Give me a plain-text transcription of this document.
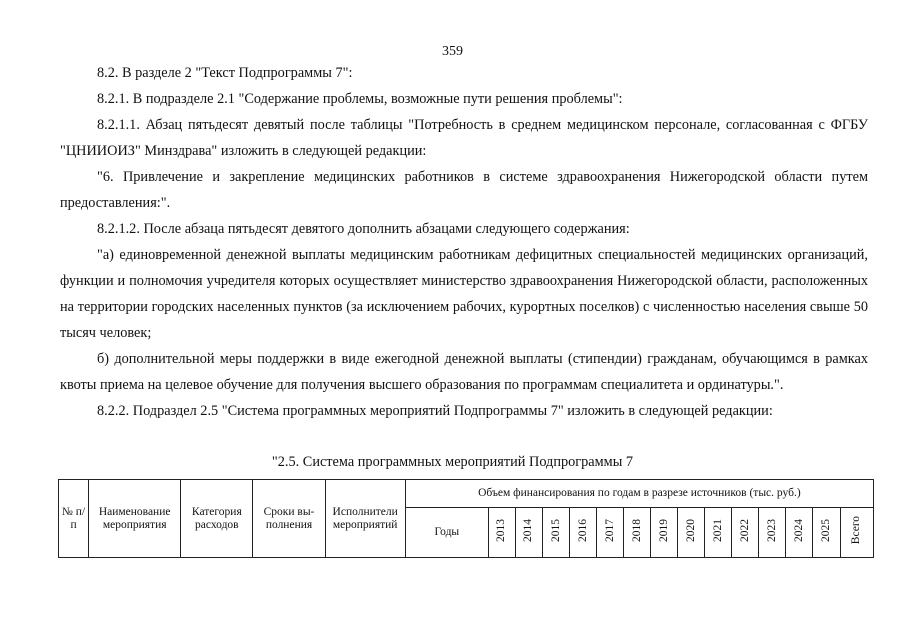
359

8.2. В разделе 2 "Текст Подпрограммы 7":

8.2.1. В подразделе 2.1 "Содержание проблемы, возможные пути решения проблемы":

8.2.1.1. Абзац пятьдесят девятый после таблицы "Потребность в среднем медицинском персонале, согласованная с ФГБУ "ЦНИИОИЗ" Минздрава" изложить в следующей редакции:

"6. Привлечение и закрепление медицинских работников в системе здравоохранения Нижегородской области путем предоставления:".

8.2.1.2. После абзаца пятьдесят девятого дополнить абзацами следующего содержания:

"а) единовременной денежной выплаты медицинским работникам дефицитных специальностей медицинских организаций, функции и полномочия учредителя которых осуществляет министерство здравоохранения Нижегородской области, расположенных на территории городских населенных пунктов (за исключением рабочих, курортных поселков) с численностью населения свыше 50 тысяч человек;

б) дополнительной меры поддержки в виде ежегодной денежной выплаты (стипендии) гражданам, обучающимся в рамках квоты приема на целевое обучение для получения высшего образования по программам специалитета и ординатуры.".

8.2.2. Подраздел 2.5 "Система программных мероприятий Подпрограммы 7" изложить в следующей редакции:

"2.5. Система программных мероприятий Подпрограммы 7
№ п/п	Наименование мероприятия	Категория расходов	Сроки вы-полнения	Исполнители мероприятий	Объем финансирования по годам в разрезе источников (тыс. руб.)														
					Годы	2013	2014	2015	2016	2017	2018	2019	2020	2021	2022	2023	2024	2025	Всего
